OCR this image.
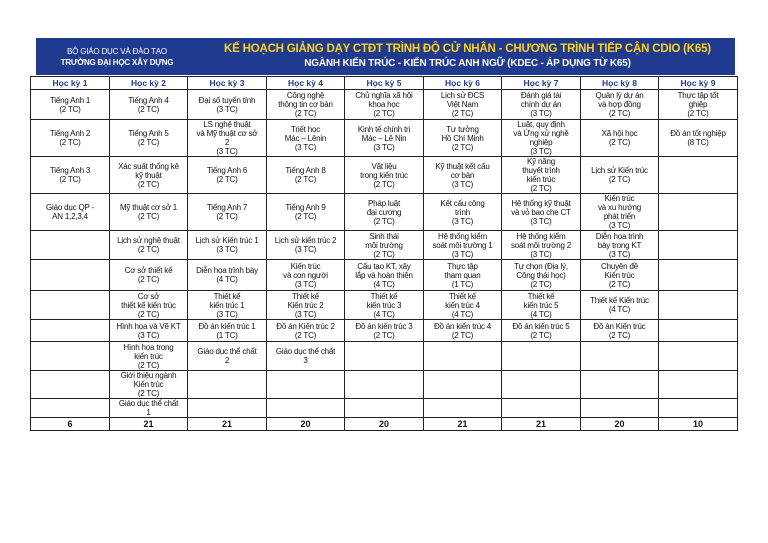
BỘ GIÁO DỤC VÀ ĐÀO TẠO
TRƯỜNG ĐẠI HỌC XÂY DỰNG
KẾ HOẠCH GIẢNG DẠY CTĐT TRÌNH ĐỘ CỬ NHÂN - CHƯƠNG TRÌNH TIẾP CẬN CDIO (K65)
NGÀNH KIẾN TRÚC - KIẾN TRÚC ANH NGỮ (KDEC - ÁP DỤNG TỪ K65)
Học kỳ 1	Học kỳ 2	Học kỳ 3	Học kỳ 4	Học kỳ 5	Học kỳ 6	Học kỳ 7	Học kỳ 8	Học kỳ 9

Tiếng Anh 1
(2 TC)	Tiếng Anh 4
(2 TC)	Đại số tuyến tính
(3 TC)	Công nghệ
thông tin cơ bản
(2 TC)	Chủ nghĩa xã hội
khoa học
(2 TC)	Lịch sử ĐCS
Việt Nam
(2 TC)	Đánh giá tài
chính dự án
(3 TC)	Quản lý dự án
và hợp đồng
(2 TC)	Thực tập tốt
ghiệp
(2 TC)

Tiếng Anh 2
(2 TC)	Tiếng Anh 5
(2 TC)	LS nghệ thuật
và Mỹ thuật cơ sở
2
(3 TC)	Triết học
Mác – Lênin
(3 TC)	Kinh tế chính trị
Mác – Lê Nin
(3 TC)	Tư tưởng
Hồ Chí Minh
(2 TC)	Luật, quy định
và Ứng xử nghề nghiệp
(3 TC)	Xã hội học
(2 TC)	Đồ án tốt nghiệp
(8 TC)

Tiếng Anh 3
(2 TC)	Xác suất thống kê
kỹ thuật
(2 TC)	Tiếng Anh 6
(2 TC)	Tiếng Anh 8
(2 TC)	Vật liệu
trong kiến trúc
(2 TC)	Kỹ thuật kết cấu
cơ bản
(3 TC)	Kỹ năng
thuyết trình
kiến trúc
(2 TC)	Lịch sử Kiến trúc
(2 TC)	

Giáo dục QP -
AN 1,2,3,4	Mỹ thuật cơ sở 1
(2 TC)	Tiếng Anh 7
(2 TC)	Tiếng Anh 9
(2 TC)	Pháp luật
đại cương
(2 TC)	Kết cấu công
trình
(3 TC)	Hệ thống kỹ thuật
và vỏ bao che CT
(3 TC)	Kiến trúc
và xu hướng
phát triển
(3 TC)	

	Lịch sử nghệ thuật
(2 TC)	Lịch sử Kiến trúc 1
(3 TC)	Lịch sử kiến trúc 2
(3 TC)	Sinh thái
môi trường
(2 TC)	Hệ thống kiểm
soát môi trường 1
(3 TC)	Hệ thống kiểm
soát môi trường 2
(3 TC)	Diễn họa trình
bày trong KT
(3 TC)	

	Cơ sở thiết kế
(2 TC)	Diễn họa trình bày
(4 TC)	Kiến trúc
và con người
(3 TC)	Cấu tạo KT, xây
lắp và hoàn thiện
(4 TC)	Thực tập
tham quan
(1 TC)	Tự chọn (Địa lý,
Công thái học)
(2 TC)	Chuyên đề
Kiến trúc
(2 TC)	

	Cơ sở
thiết kế kiến trúc
(2 TC)	Thiết kế
kiến trúc 1
(3 TC)	Thiết kế
Kiến trúc 2
(3 TC)	Thiết kế
kiến trúc 3
(4 TC)	Thiết kế
kiến trúc 4
(4 TC)	Thiết kế
kiến trúc 5
(4 TC)	Thiết kế Kiến trúc
(4 TC)	

	Hình họa và Vẽ KT
(3 TC)	Đồ án kiến trúc 1
(1 TC)	Đồ án Kiến trúc 2
(2 TC)	Đồ án kiến trúc 3
(2 TC)	Đồ án kiến trúc 4
(2 TC)	Đồ án kiến trúc 5
(2 TC)	Đồ án Kiến trúc
(2 TC)	

	Hình họa trong
kiến trúc
(2 TC)	Giáo dục thể chất
2	Giáo dục thể chất
3					

	Giới thiệu ngành
Kiến trúc
(2 TC)							

	Giáo dục thể chất
1							

6	21	21	20	20	21	21	20	10
